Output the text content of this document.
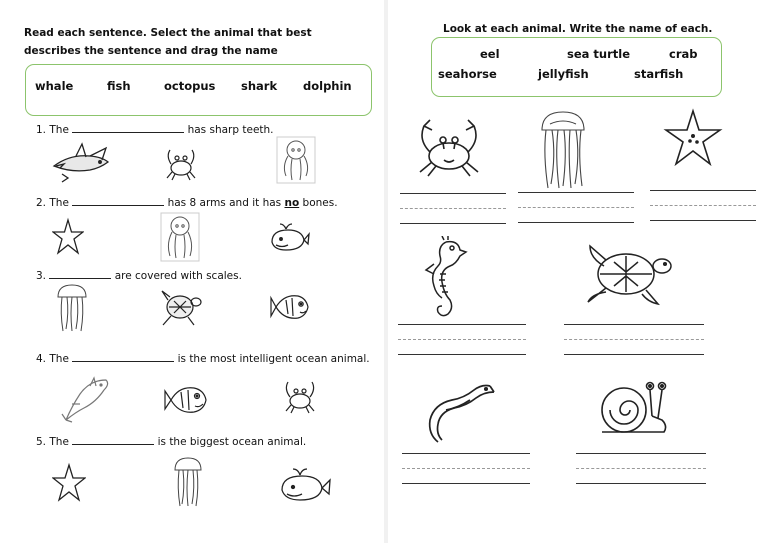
Read each sentence. Select the animal that best describes the sentence and drag the name
whale	fish	octopus shark dolphin
1. The	has sharp teeth.
2. The	has 8 arms and it has no bones.
3.	are covered with scales.
4. The	is the most intelligent ocean animal.
5. The	is the biggest ocean animal.
Look at each animal. Write the name of each.
eel	sea turtle	crab
seahorse	jellyfish	starfish
